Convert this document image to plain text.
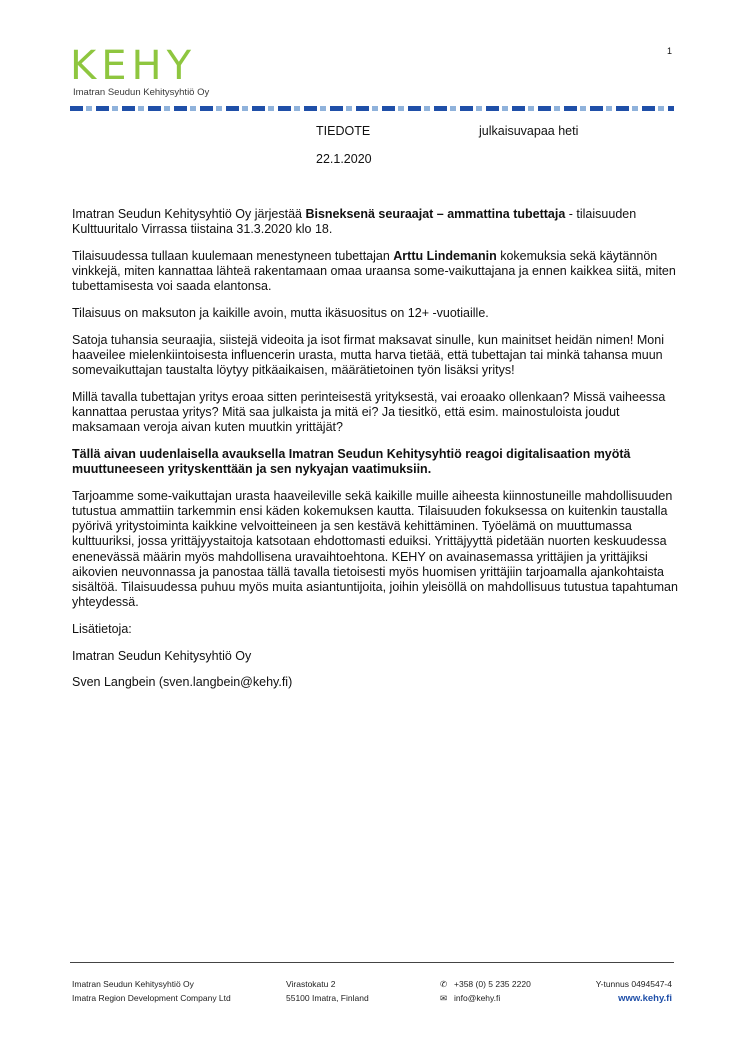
KEHY
Imatran Seudun Kehitysyhtiö Oy
1
TIEDOTE	julkaisuvapaa heti
22.1.2020

Imatran Seudun Kehitysyhtiö Oy järjestää Bisneksenä seuraajat – ammattina tubettaja - tilaisuuden Kulttuuritalo Virrassa tiistaina 31.3.2020 klo 18.

Tilaisuudessa tullaan kuulemaan menestyneen tubettajan Arttu Lindemanin kokemuksia sekä käytännön vinkkejä, miten kannattaa lähteä rakentamaan omaa uraansa some-vaikuttajana ja ennen kaikkea siitä, miten tubettamisesta voi saada elantonsa.

Tilaisuus on maksuton ja kaikille avoin, mutta ikäsuositus on 12+ -vuotiaille.

Satoja tuhansia seuraajia, siistejä videoita ja isot firmat maksavat sinulle, kun mainitset heidän nimen! Moni haaveilee mielenkiintoisesta influencerin urasta, mutta harva tietää, että tubettajan tai minkä tahansa muun somevaikuttajan taustalta löytyy pitkäaikaisen, määrätietoinen työn lisäksi yritys!

Millä tavalla tubettajan yritys eroaa sitten perinteisestä yrityksestä, vai eroaako ollenkaan? Missä vaiheessa kannattaa perustaa yritys? Mitä saa julkaista ja mitä ei? Ja tiesitkö, että esim. mainostuloista joudut maksamaan veroja aivan kuten muutkin yrittäjät?

Tällä aivan uudenlaisella avauksella Imatran Seudun Kehitysyhtiö reagoi digitalisaation myötä muuttuneeseen yrityskenttään ja sen nykyajan vaatimuksiin.

Tarjoamme some-vaikuttajan urasta haaveileville sekä kaikille muille aiheesta kiinnostuneille mahdollisuuden tutustua ammattiin tarkemmin ensi käden kokemuksen kautta. Tilaisuuden fokuksessa on kuitenkin taustalla pyörivä yritystoiminta kaikkine velvoitteineen ja sen kestävä kehittäminen. Työelämä on muuttumassa kulttuuriksi, jossa yrittäjyystaitoja katsotaan ehdottomasti eduiksi. Yrittäjyyttä pidetään nuorten keskuudessa enenevässä määrin myös mahdollisena uravaihtoehtona. KEHY on avainasemassa yrittäjien ja yrittäjiksi aikovien neuvonnassa ja panostaa tällä tavalla tietoisesti myös huomisen yrittäjiin tarjoamalla ajankohtaista sisältöä. Tilaisuudessa puhuu myös muita asiantuntijoita, joihin yleisöllä on mahdollisuus tutustua tapahtuman yhteydessä.

Lisätietoja:

Imatran Seudun Kehitysyhtiö Oy

Sven Langbein (sven.langbein@kehy.fi)

Imatran Seudun Kehitysyhtiö Oy
Imatra Region Development Company Ltd
Virastokatu 2
55100 Imatra, Finland
✆ +358 (0) 5 235 2220
✉ info@kehy.fi
Y-tunnus 0494547-4
www.kehy.fi
